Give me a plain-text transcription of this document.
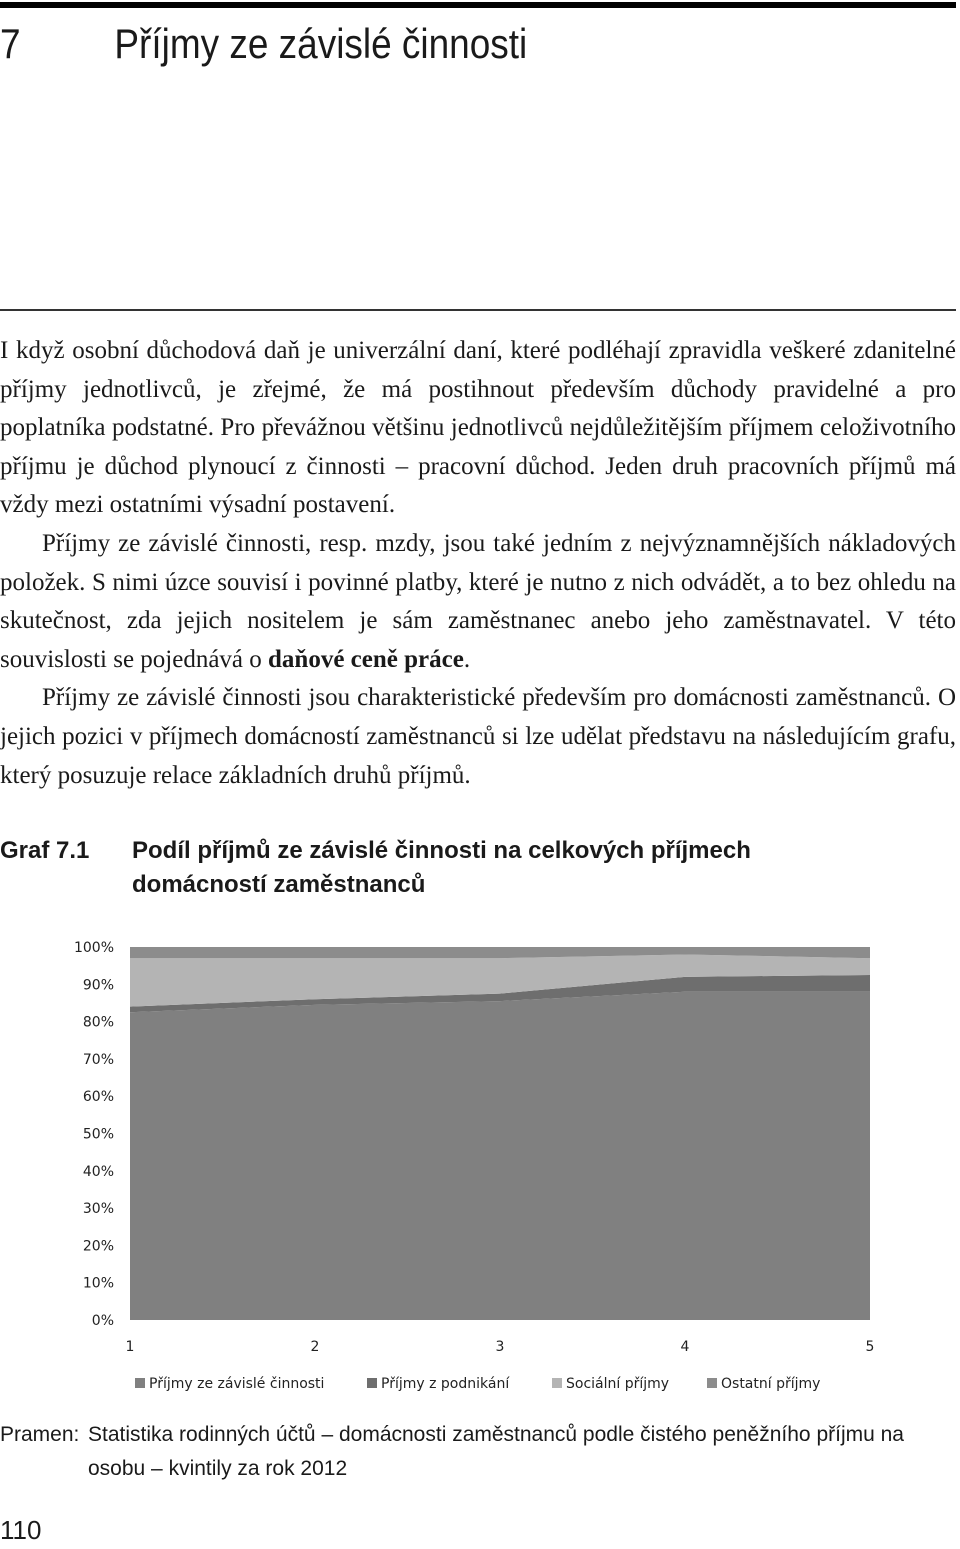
7 Příjmy ze závislé činnosti

I když osobní důchodová daň je univerzální daní, které podléhají zpravidla veškeré zdanitelné příjmy jednotlivců, je zřejmé, že má postihnout především důchody pravidelné a pro poplatníka podstatné. Pro převážnou většinu jednotlivců nejdůležitějším příjmem celoživotního příjmu je důchod plynoucí z činnosti – pracovní důchod. Jeden druh pracovních příjmů má vždy mezi ostatními výsadní postavení.

Příjmy ze závislé činnosti, resp. mzdy, jsou také jedním z nejvýznamnějších nákladových položek. S nimi úzce souvisí i povinné platby, které je nutno z nich odvádět, a to bez ohledu na skutečnost, zda jejich nositelem je sám zaměstnanec anebo jeho zaměstnavatel. V této souvislosti se pojednává o daňové ceně práce.

Příjmy ze závislé činnosti jsou charakteristické především pro domácnosti zaměstnanců. O jejich pozici v příjmech domácností zaměstnanců si lze udělat představu na následujícím grafu, který posuzuje relace základních druhů příjmů.

Graf 7.1 Podíl příjmů ze závislé činnosti na celkových příjmech domácností zaměstnanců
0%
10%
20%
30%
40%
50%
60%
70%
80%
90%
100%
1	2	3	4	5
Příjmy ze závislé činnosti	Příjmy z podnikání	Sociální příjmy	Ostatní příjmy
Pramen: Statistika rodinných účtů – domácnosti zaměstnanců podle čistého peněžního příjmu na osobu – kvintily za rok 2012
110
